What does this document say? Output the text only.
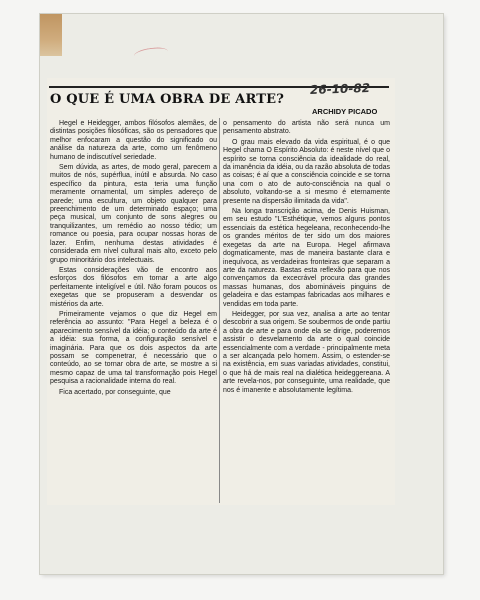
O QUE É UMA OBRA DE ARTE?
26-10-82
ARCHIDY PICADO

Hegel e Heidegger, ambos filósofos alemães, de distintas posições filosóficas, são os pensadores que melhor enfocaram a questão do significado ou análise da natureza da arte, como um fenômeno humano de indiscutível seriedade.

Sem dúvida, as artes, de modo geral, parecem a muitos de nós, supérflua, inútil e absurda. No caso específico da pintura, esta teria uma função meramente ornamental, um simples adereço de parede; uma escultura, um objeto qualquer para preenchimento de um determinado espaço; uma peça musical, um conjunto de sons alegres ou tranquilizantes, um remédio ao nosso tédio; um romance ou poesia, para ocupar nossas horas de lazer. Enfim, nenhuma destas atividades é considerada em nível cultural mais alto, exceto pelo grupo minoritário dos intelectuais.

Estas considerações vão de encontro aos esforços dos filósofos em tornar a arte algo perfeitamente inteligível e útil. Não foram poucos os exegetas que se propuseram a desvendar os mistérios da arte.

Primeiramente vejamos o que diz Hegel em referência ao assunto: "Para Hegel a beleza é o aparecimento sensível da idéia; o conteúdo da arte é a idéia: sua forma, a configuração sensível e imaginária. Para que os dois aspectos da arte possam se compenetrar, é necessário que o conteúdo, ao se tornar obra de arte, se mostre a si mesmo capaz de uma tal transformação pois Hegel pesquisa a racionalidade interna do real.

Fica acertado, por conseguinte, que

o pensamento do artista não será nunca um pensamento abstrato.

O grau mais elevado da vida espiritual, é o que Hegel chama O Espírito Absoluto: é neste nível que o espírito se torna consciência da idealidade do real, da imanência da idéia, ou da razão absoluta de todas as coisas; é aí que a consciência coincide e se torna una com o ato de auto-consciência na qual o absoluto, voltando-se a si mesmo é eternamente presente na dispersão ilimitada da vida".

Na longa transcrição acima, de Denis Huisman, em seu estudo "L'Esthétique, vemos alguns pontos essenciais da estética hegeleana, reconhecendo-lhe os grandes méritos de ter sido um dos maiores exegetas da arte na Europa. Hegel afirmava dogmaticamente, mas de maneira bastante clara e inequívoca, as verdadeiras fronteiras que separam a arte da natureza. Bastas esta reflexão para que nos convençamos da excecrável procura das grandes massas humanas, dos abomináveis pinguins de geladeira e das estampas fabricadas aos milhares e vendidas em toda parte.

Heidegger, por sua vez, analisa a arte ao tentar descobrir a sua origem. Se soubermos de onde partiu a obra de arte e para onde ela se dirige, poderemos assistir o desvelamento da arte o qual coincide essencialmente com a verdade - principalmente meta a ser alcançada pelo homem. Assim, o estender-se na existência, em suas variadas atividades, constitui, o que há de mais real na dialética heideggereana. A arte revela-nos, por conseguinte, uma realidade, que nos é imanente e absolutamente legítima.
